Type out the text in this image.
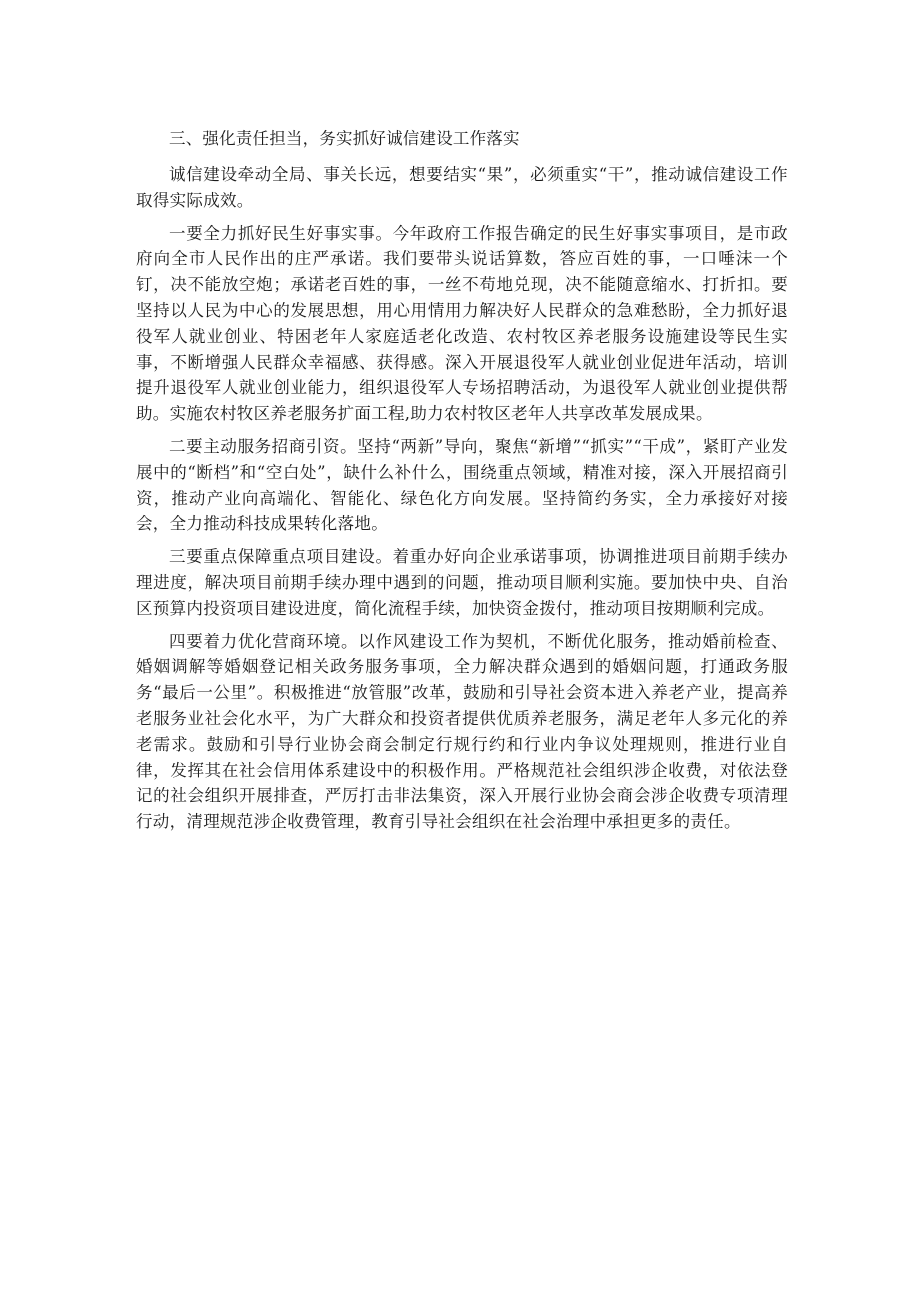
三、强化责任担当，务实抓好诚信建设工作落实

诚信建设牵动全局、事关长远，想要结实“果”，必须重实“干”，推动诚信建设工作取得实际成效。

一要全力抓好民生好事实事。今年政府工作报告确定的民生好事实事项目，是市政府向全市人民作出的庄严承诺。我们要带头说话算数，答应百姓的事，一口唾沫一个钉，决不能放空炮；承诺老百姓的事，一丝不苟地兑现，决不能随意缩水、打折扣。要坚持以人民为中心的发展思想，用心用情用力解决好人民群众的急难愁盼，全力抓好退役军人就业创业、特困老年人家庭适老化改造、农村牧区养老服务设施建设等民生实事，不断增强人民群众幸福感、获得感。深入开展退役军人就业创业促进年活动，培训提升退役军人就业创业能力，组织退役军人专场招聘活动，为退役军人就业创业提供帮助。实施农村牧区养老服务扩面工程,助力农村牧区老年人共享改革发展成果。

二要主动服务招商引资。坚持“两新”导向，聚焦“新增”“抓实”“干成”，紧盯产业发展中的“断档”和“空白处”，缺什么补什么，围绕重点领域，精准对接，深入开展招商引资，推动产业向高端化、智能化、绿色化方向发展。坚持简约务实，全力承接好对接会，全力推动科技成果转化落地。

三要重点保障重点项目建设。着重办好向企业承诺事项，协调推进项目前期手续办理进度，解决项目前期手续办理中遇到的问题，推动项目顺利实施。要加快中央、自治区预算内投资项目建设进度，简化流程手续，加快资金拨付，推动项目按期顺利完成。

四要着力优化营商环境。以作风建设工作为契机，不断优化服务，推动婚前检查、婚姻调解等婚姻登记相关政务服务事项，全力解决群众遇到的婚姻问题，打通政务服务“最后一公里”。积极推进“放管服”改革，鼓励和引导社会资本进入养老产业，提高养老服务业社会化水平，为广大群众和投资者提供优质养老服务，满足老年人多元化的养老需求。鼓励和引导行业协会商会制定行规行约和行业内争议处理规则，推进行业自律，发挥其在社会信用体系建设中的积极作用。严格规范社会组织涉企收费，对依法登记的社会组织开展排查，严厉打击非法集资，深入开展行业协会商会涉企收费专项清理行动，清理规范涉企收费管理，教育引导社会组织在社会治理中承担更多的责任。
